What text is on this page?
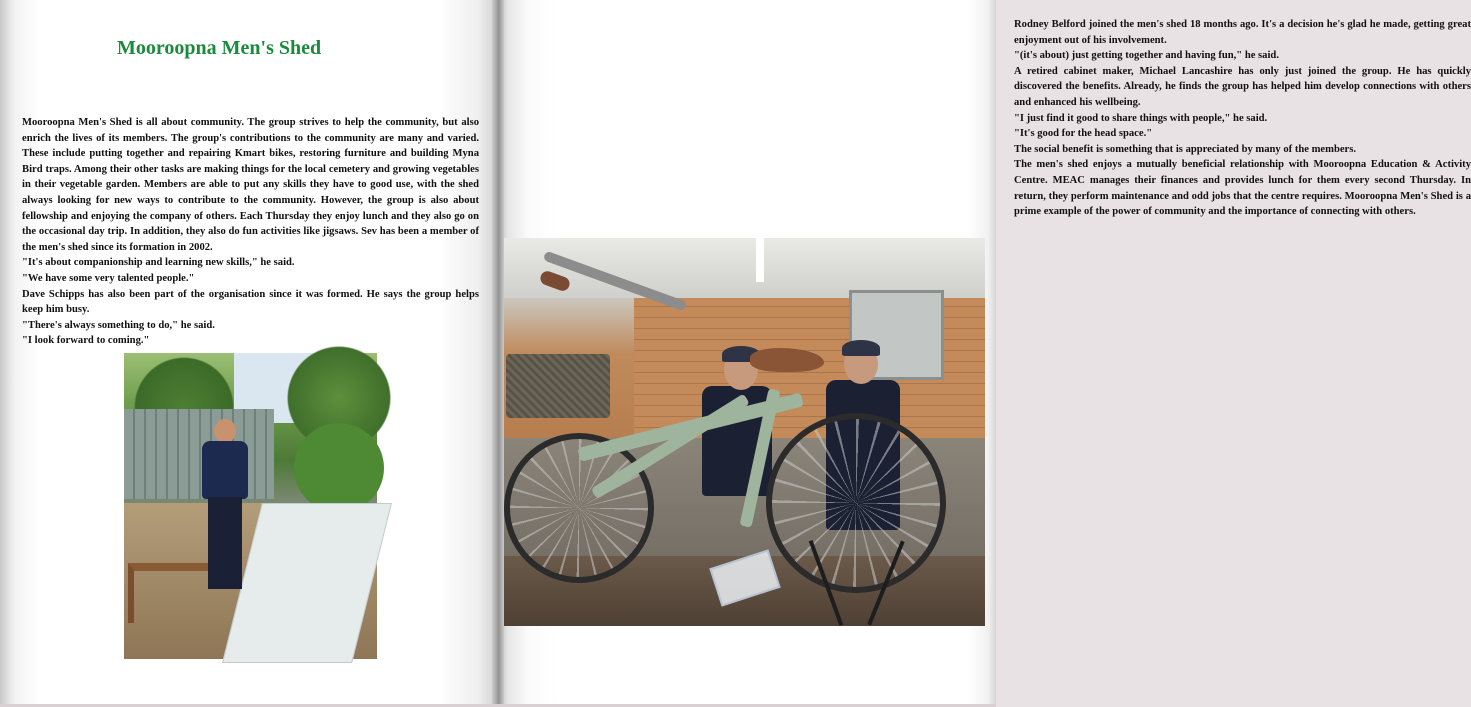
Mooroopna Men's Shed

Mooroopna Men's Shed is all about community. The group strives to help the community, but also enrich the lives of its members. The group's contributions to the community are many and varied. These include putting together and repairing Kmart bikes, restoring furniture and building Myna Bird traps. Among their other tasks are making things for the local cemetery and growing vegetables in their vegetable garden. Members are able to put any skills they have to good use, with the shed always looking for new ways to contribute to the community. However, the group is also about fellowship and enjoying the company of others. Each Thursday they enjoy lunch and they also go on the occasional day trip. In addition, they also do fun activities like jigsaws. Sev has been a member of the men's shed since its formation in 2002.

"It's about companionship and learning new skills," he said.

"We have some very talented people."

Dave Schipps has also been part of the organisation since it was formed. He says the group helps keep him busy.

"There's always something to do," he said.

"I look forward to coming."

Rodney Belford joined the men's shed 18 months ago. It's a decision he's glad he made, getting great enjoyment out of his involvement.

"(it's about) just getting together and having fun," he said.

A retired cabinet maker, Michael Lancashire has only just joined the group. He has quickly discovered the benefits. Already, he finds the group has helped him develop connections with others and enhanced his wellbeing.

"I just find it good to share things with people," he said.

"It's good for the head space."

The social benefit is something that is appreciated by many of the members.

The men's shed enjoys a mutually beneficial relationship with Mooroopna Education & Activity Centre. MEAC manages their finances and provides lunch for them every second Thursday. In return, they perform maintenance and odd jobs that the centre requires. Mooroopna Men's Shed is a prime example of the power of community and the importance of connecting with others.
